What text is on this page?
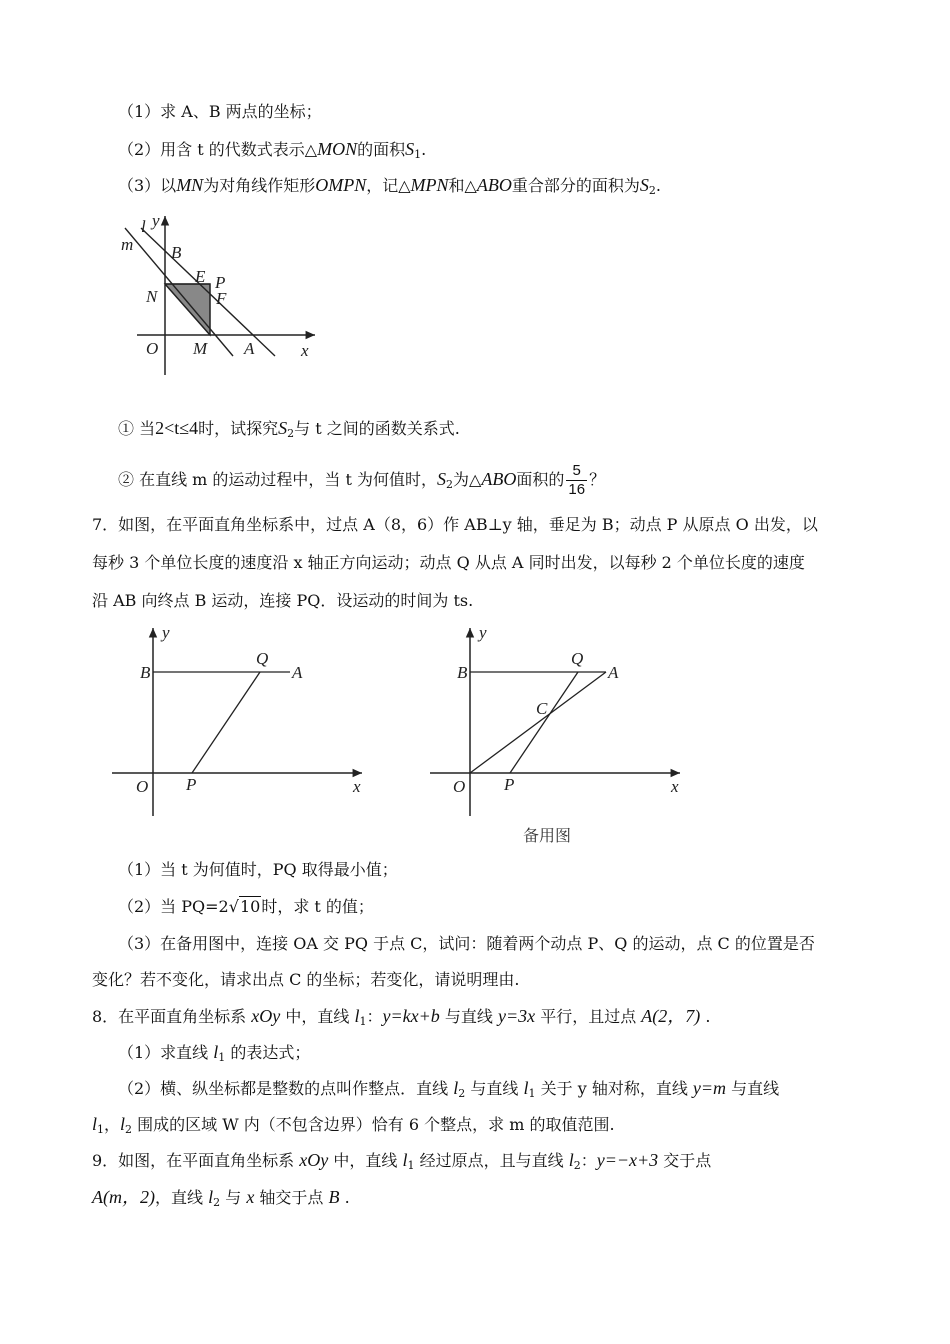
（1）求 A、B 两点的坐标；
（2）用含 t 的代数式表示△MON的面积$S_1$.
（3）以MN为对角线作矩形OMPN，记△MPN和△ABO重合部分的面积为$S_2$.
y
l
m B
E P
N	F
O M A	x
① 当2<t≤4时，试探究$S_2$与 t 之间的函数关系式.
② 在直线 m 的运动过程中，当 t 为何值时，$S_2$为△ABO面积的 $\frac{5}{16}$ ？
7．如图，在平面直角坐标系中，过点 A（8，6）作 AB⊥y 轴，垂足为 B；动点 P 从原点 O 出发，以
每秒 3 个单位长度的速度沿 x 轴正方向运动；动点 Q 从点 A 同时出发，以每秒 2 个单位长度的速度
沿 AB 向终点 B 运动，连接 PQ．设运动的时间为 ts.
y
B
Q
A
O P	x
y
B
Q
A
C
O P	x
备用图
（1）当 t 为何值时，PQ 取得最小值；
（2）当 PQ=2√10时，求 t 的值；
（3）在备用图中，连接 OA 交 PQ 于点 C，试问：随着两个动点 P、Q 的运动，点 C 的位置是否
变化？若不变化，请求出点 C 的坐标；若变化，请说明理由.
8．在平面直角坐标系 xOy 中，直线 $l_1$：y=kx+b 与直线 y=3x 平行，且过点 A(2，7) .
（1）求直线 $l_1$ 的表达式；
（2）横、纵坐标都是整数的点叫作整点．直线 $l_2$ 与直线 $l_1$ 关于 y 轴对称，直线 y=m 与直线
$l_1$，$l_2$ 围成的区域 W 内（不包含边界）恰有 6 个整点，求 m 的取值范围.
9．如图，在平面直角坐标系 xOy 中，直线 $l_1$ 经过原点，且与直线 $l_2$：y=−x+3 交于点
A(m，2)，直线 $l_2$ 与 x 轴交于点 B .
